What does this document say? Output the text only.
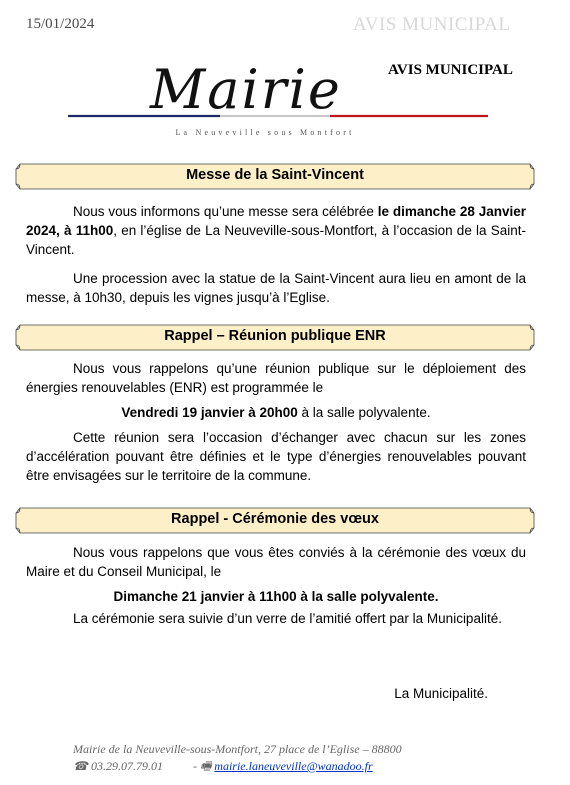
15/01/2024	AVIS MUNICIPAL
Mairie	AVIS MUNICIPAL
La Neuveville sous Montfort
Messe de la Saint-Vincent

Nous vous informons qu’une messe sera célébrée le dimanche 28 Janvier 2024, à 11h00, en l’église de La Neuveville-sous-Montfort, à l’occasion de la Saint-Vincent.

Une procession avec la statue de la Saint-Vincent aura lieu en amont de la messe, à 10h30, depuis les vignes jusqu’à l’Eglise.

Rappel – Réunion publique ENR

Nous vous rappelons qu’une réunion publique sur le déploiement des énergies renouvelables (ENR) est programmée le

Vendredi 19 janvier à 20h00 à la salle polyvalente.

Cette réunion sera l’occasion d’échanger avec chacun sur les zones d’accélération pouvant être définies et le type d’énergies renouvelables pouvant être envisagées sur le territoire de la commune.

Rappel - Cérémonie des vœux

Nous vous rappelons que vous êtes conviés à la cérémonie des vœux du Maire et du Conseil Municipal, le

Dimanche 21 janvier à 11h00 à la salle polyvalente.

La cérémonie sera suivie d’un verre de l’amitié offert par la Municipalité.

La Municipalité.

Mairie de la Neuveville-sous-Montfort, 27 place de l’Eglise – 88800
☎ 03.29.07.79.01	- 🖷 mairie.laneuveville@wanadoo.fr
